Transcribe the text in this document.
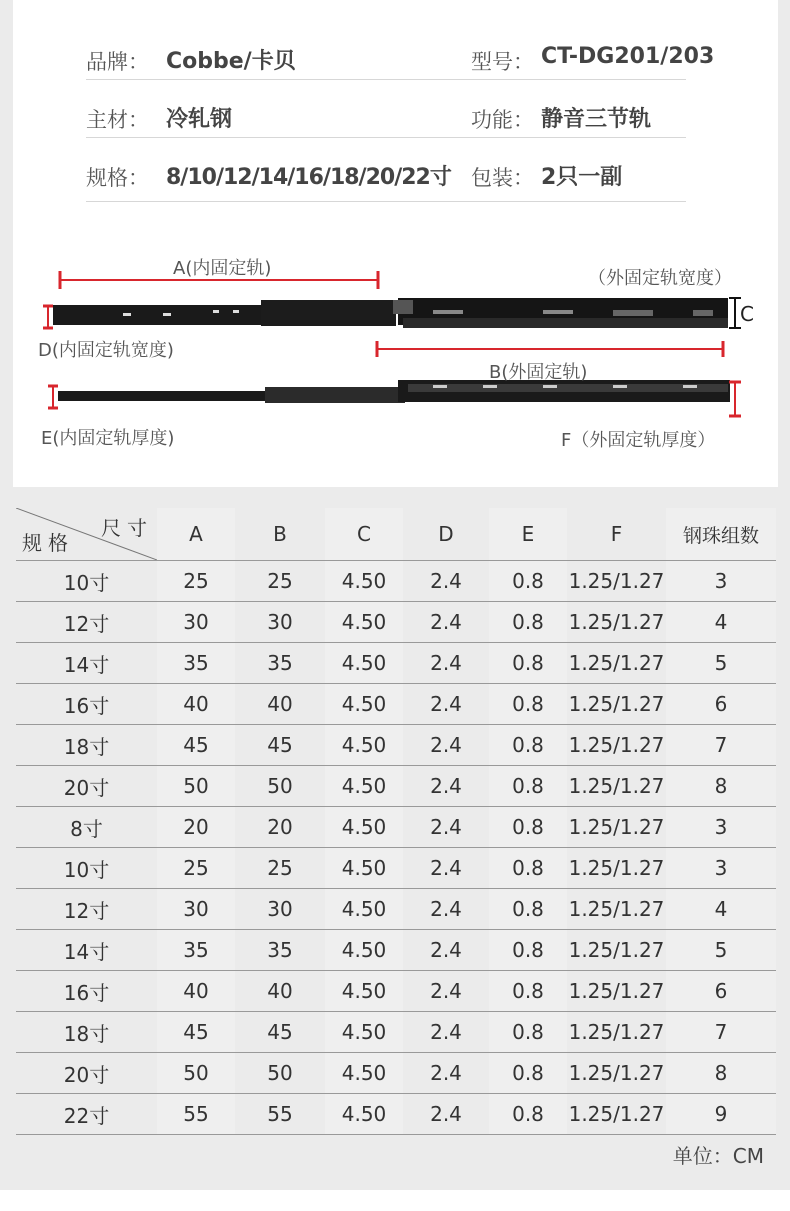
品牌： Cobbe/卡贝	型号： CT-DG201/203
主材： 冷轧钢	功能： 静音三节轨
规格： 8/10/12/14/16/18/20/22寸 包装： 2只一副
A(内固定轨)	（外固定轨宽度）
C
D(内固定轨宽度)
B(外固定轨)
E(内固定轨厚度)	F（外固定轨厚度）
尺寸
规格	A	B	C	D	E	F	钢珠组数
10寸	25	25	4.50	2.4	0.8	1.25/1.27	3
12寸	30	30	4.50	2.4	0.8	1.25/1.27	4
14寸	35	35	4.50	2.4	0.8	1.25/1.27	5
16寸	40	40	4.50	2.4	0.8	1.25/1.27	6
18寸	45	45	4.50	2.4	0.8	1.25/1.27	7
20寸	50	50	4.50	2.4	0.8	1.25/1.27	8
8寸	20	20	4.50	2.4	0.8	1.25/1.27	3
10寸	25	25	4.50	2.4	0.8	1.25/1.27	3
12寸	30	30	4.50	2.4	0.8	1.25/1.27	4
14寸	35	35	4.50	2.4	0.8	1.25/1.27	5
16寸	40	40	4.50	2.4	0.8	1.25/1.27	6
18寸	45	45	4.50	2.4	0.8	1.25/1.27	7
20寸	50	50	4.50	2.4	0.8	1.25/1.27	8
22寸	55	55	4.50	2.4	0.8	1.25/1.27	9
单位：CM
